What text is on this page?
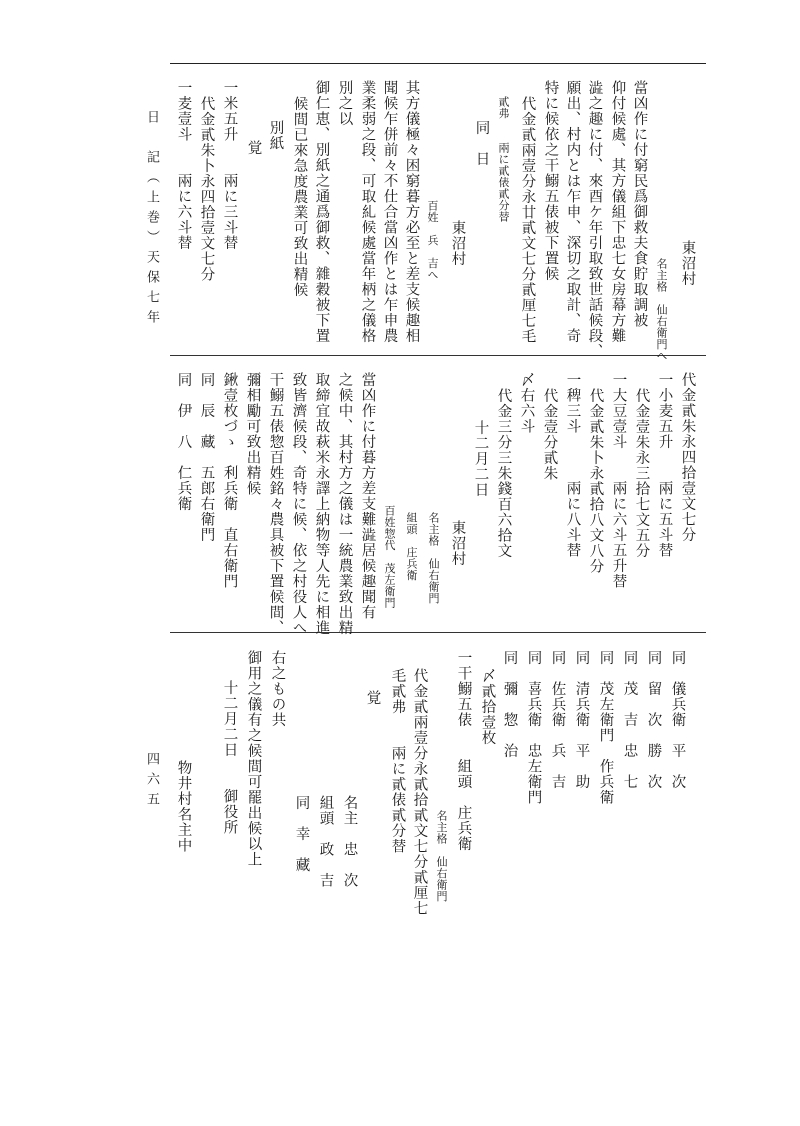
日　記（上巻）天保七年
四六五
東沼村
名主格　仙右衛門へ
當凶作に付窮民爲御救夫食貯取調被
仰付候處、其方儀組下忠七女房幕方難
澁之趣に付、來酉ケ年引取致世話候段、
願出、村内とは乍申、深切之取計、奇
特に候依之干鰯五俵被下置候
代金貳兩壹分永廿貳文七分貳厘七毛
貳弗　　兩に貳俵貳分替
同　日
東沼村
百姓　兵　吉へ
其方儀極々困窮暮方必至と差支候趣相
聞候乍併前々不仕合當凶作とは乍申農
業柔弱之段、可取糺候處當年柄之儀格
別之以
御仁恵、別紙之通爲御救、雜穀被下置
候間已來急度農業可致出精候
別紙
覚
一米五升　　兩に三斗替
代金貳朱卜永四拾壹文七分
一麦壹斗　　兩に六斗替
代金貳朱永四拾壹文七分
一小麦五升　　兩に五斗替
代金壹朱永三拾七文五分
一大豆壹斗　　兩に六斗五升替
代金貳朱卜永貳拾八文八分
一稗三斗　　　兩に八斗替
代金壹分貳朱
〆右六斗
代金三分三朱錢百六拾文
十二月二日
東沼村
名主格　仙右衛門
組頭　庄兵衛
百姓惣代　茂左衛門
當凶作に付暮方差支難澁居候趣聞有
之候中、其村方之儀は一統農業致出精
取締宜故萩米永譯上納物等人先に相進
致皆濟候段、奇特に候、依之村役人へ
干鰯五俵惣百姓銘々農具被下置候間、
彌相勵可致出精候
鍬壹枚づゝ　利兵衛　直右衛門
同　辰　藏　五郎右衛門
同　伊　八　仁兵衛
同　儀兵衛　平　次
同　留　次　勝　次
同　茂　吉　忠　七
同　茂左衛門　作兵衛
同　清兵衛　平　助
同　佐兵衛　兵　吉
同　喜兵衛　忠左衛門
同　彌　惣　治
〆貳拾壹枚
一干鰯五俵　　組頭　庄兵衛
名主格　仙右衛門
代金貳兩壹分永貳拾貳文七分貳厘七
毛貳弗　　兩に貳俵貳分替
覚
名主　忠　次
組頭　政　吉
同　幸　藏
右之もの共
御用之儀有之候間可罷出候以上
十二月二日　　御役所
物井村名主中
